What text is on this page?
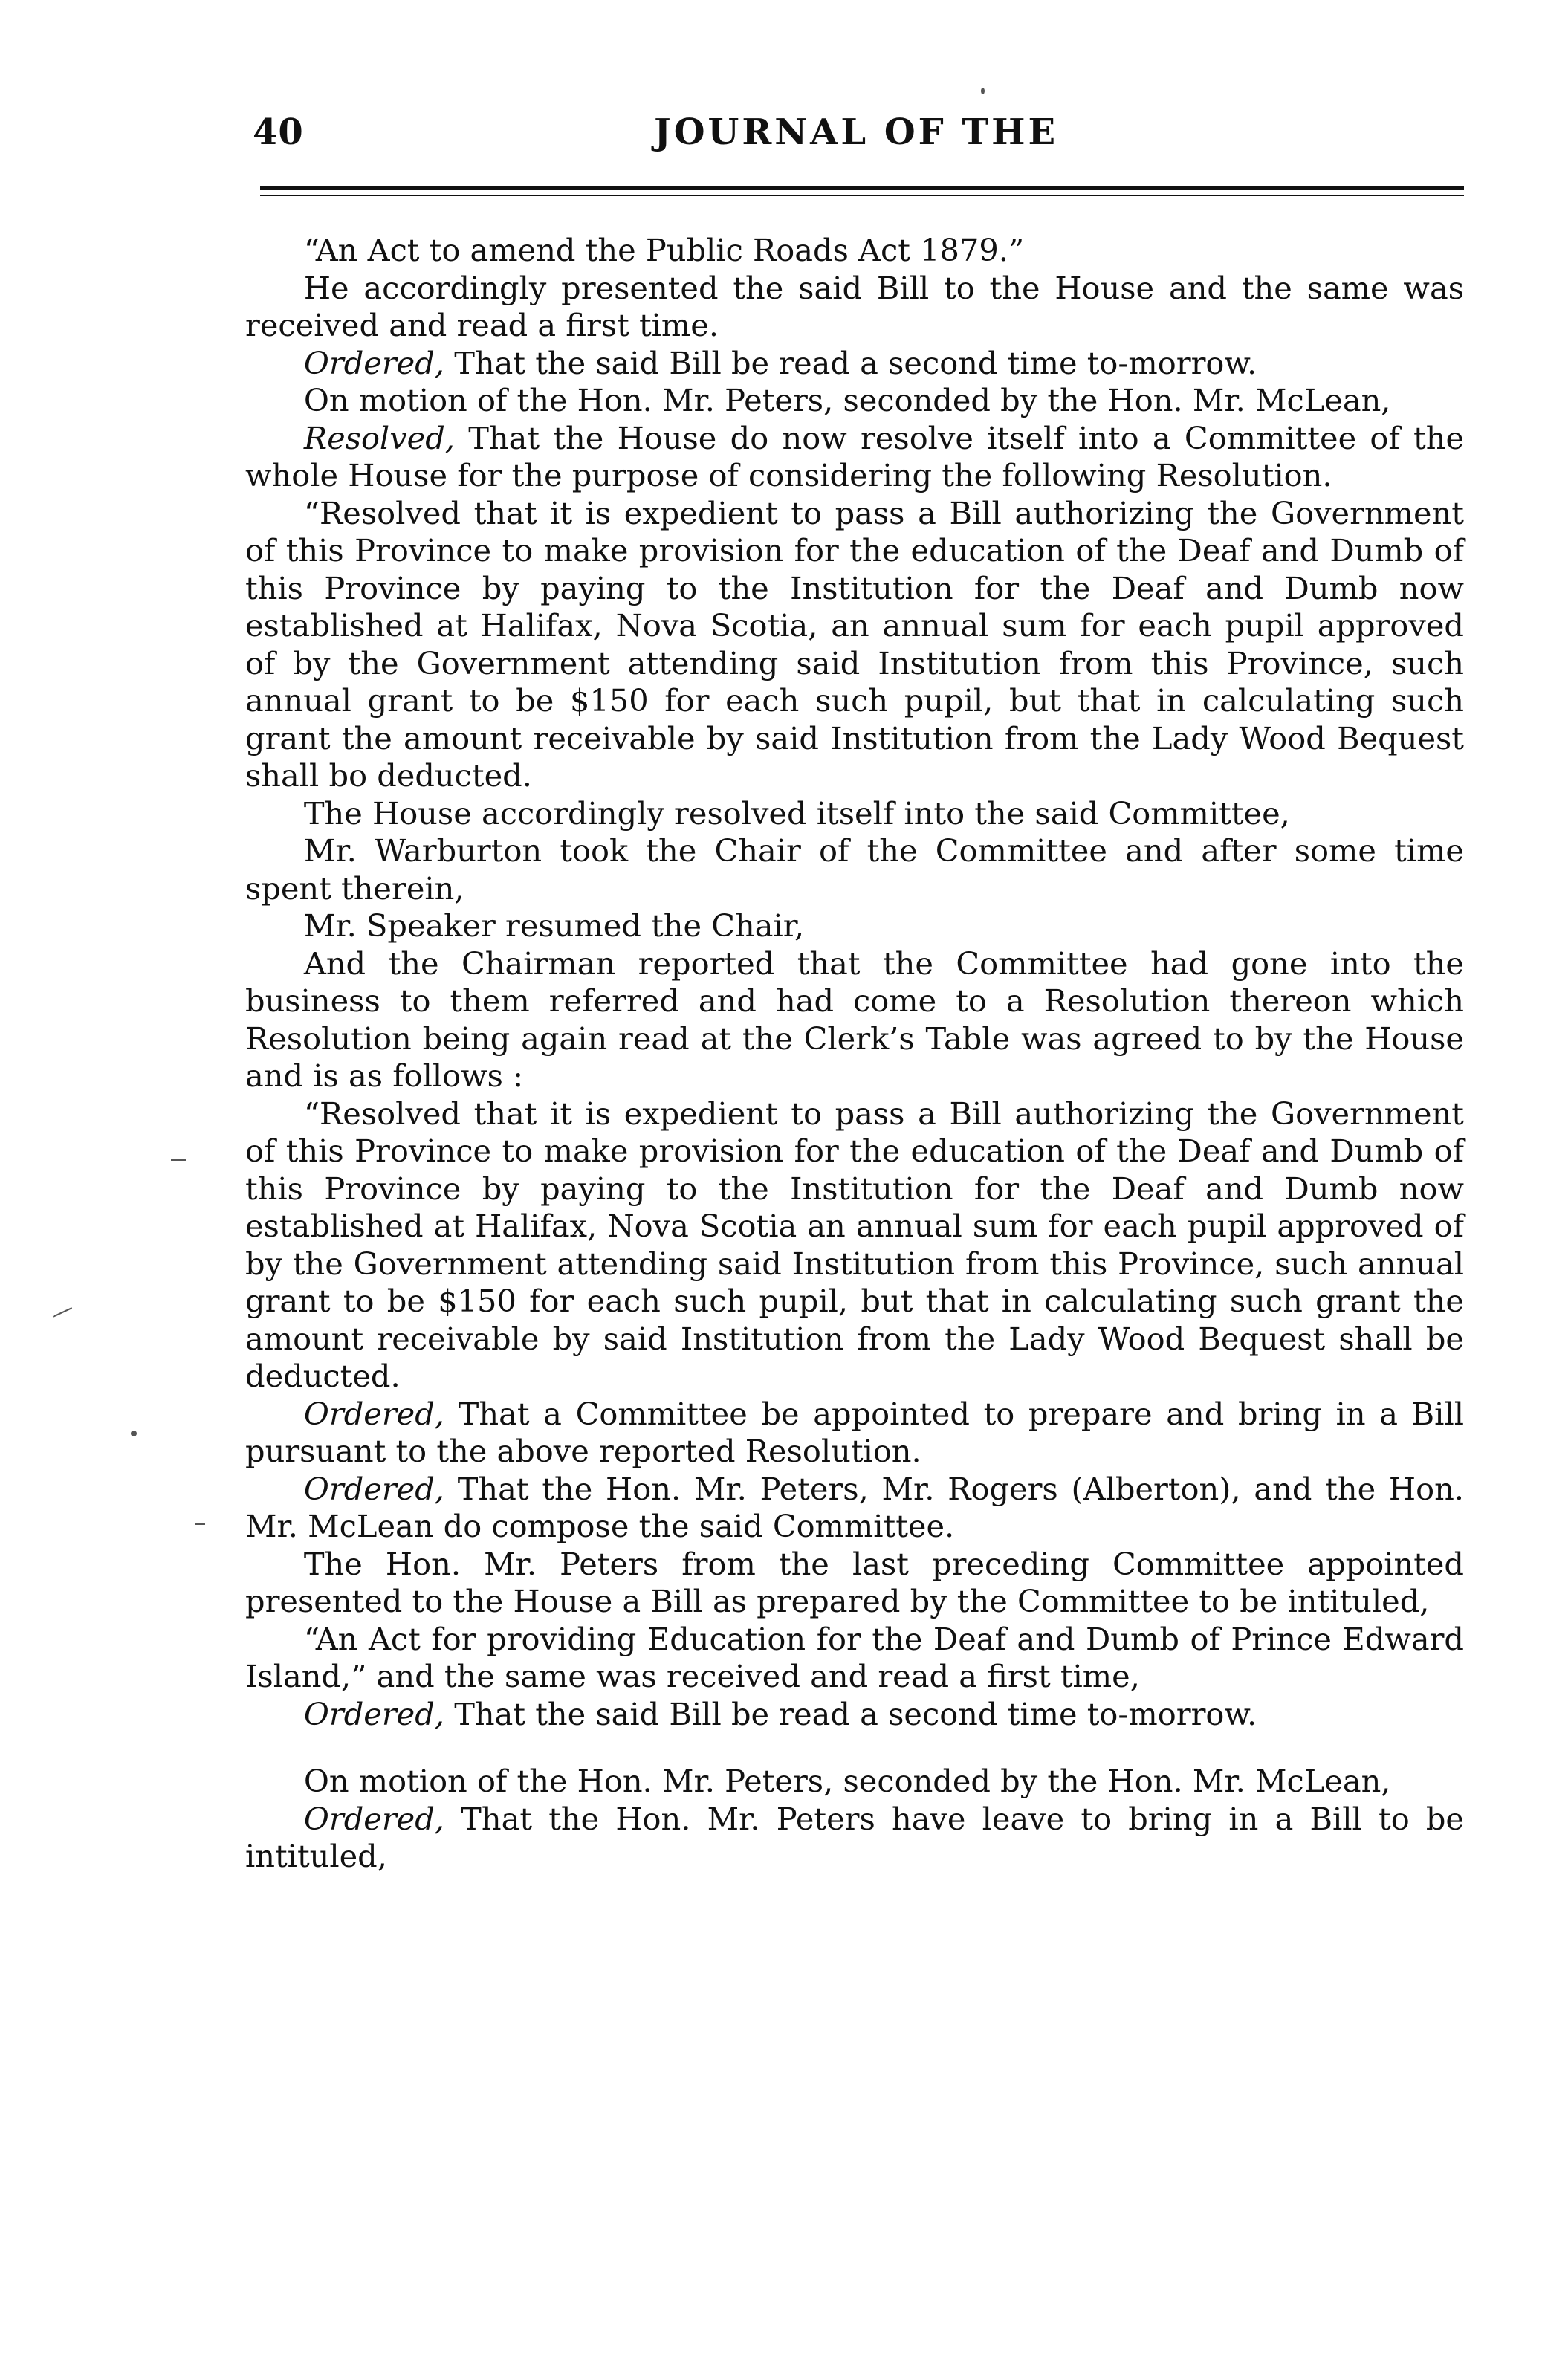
40	JOURNAL OF THE

“An Act to amend the Public Roads Act 1879.”

He accordingly presented the said Bill to the House and the same was received and read a first time.

Ordered, That the said Bill be read a second time to-morrow.

On motion of the Hon. Mr. Peters, seconded by the Hon. Mr. McLean,

Resolved, That the House do now resolve itself into a Committee of the whole House for the purpose of considering the following Resolution.

“Resolved that it is expedient to pass a Bill authorizing the Government of this Province to make provision for the education of the Deaf and Dumb of this Province by paying to the Institution for the Deaf and Dumb now established at Halifax, Nova Scotia, an annual sum for each pupil approved of by the Government attending said Institution from this Province, such annual grant to be $150 for each such pupil, but that in calculating such grant the amount receivable by said Institution from the Lady Wood Bequest shall bo deducted.

The House accordingly resolved itself into the said Committee,

Mr. Warburton took the Chair of the Committee and after some time spent therein,

Mr. Speaker resumed the Chair,

And the Chairman reported that the Committee had gone into the business to them referred and had come to a Resolution thereon which Resolution being again read at the Clerk’s Table was agreed to by the House and is as follows :

“Resolved that it is expedient to pass a Bill authorizing the Government of this Province to make provision for the education of the Deaf and Dumb of this Province by paying to the Institution for the Deaf and Dumb now established at Halifax, Nova Scotia an annual sum for each pupil approved of by the Government attending said Institution from this Province, such annual grant to be $150 for each such pupil, but that in calculating such grant the amount receivable by said Institution from the Lady Wood Bequest shall be deducted.

Ordered, That a Committee be appointed to prepare and bring in a Bill pursuant to the above reported Resolution.

Ordered, That the Hon. Mr. Peters, Mr. Rogers (Alberton), and the Hon. Mr. McLean do compose the said Committee.

The Hon. Mr. Peters from the last preceding Committee appointed presented to the House a Bill as prepared by the Committee to be intituled,

“An Act for providing Education for the Deaf and Dumb of Prince Edward Island,” and the same was received and read a first time,

Ordered, That the said Bill be read a second time to-morrow.

On motion of the Hon. Mr. Peters, seconded by the Hon. Mr. McLean,

Ordered, That the Hon. Mr. Peters have leave to bring in a Bill to be intituled,
